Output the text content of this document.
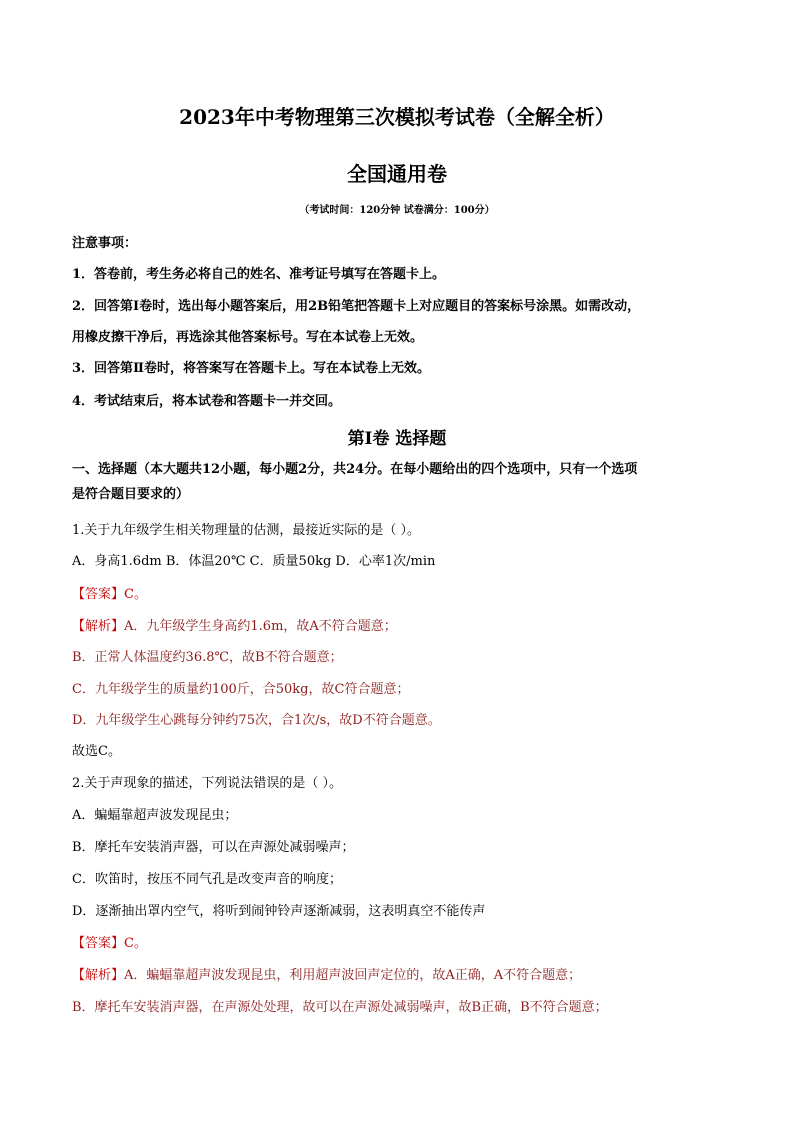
2023年中考物理第三次模拟考试卷（全解全析）
全国通用卷
（考试时间：120分钟 试卷满分：100分）
注意事项：
1．答卷前，考生务必将自己的姓名、准考证号填写在答题卡上。
2．回答第Ⅰ卷时，选出每小题答案后，用2B铅笔把答题卡上对应题目的答案标号涂黑。如需改动，
用橡皮擦干净后，再选涂其他答案标号。写在本试卷上无效。
3．回答第Ⅱ卷时，将答案写在答题卡上。写在本试卷上无效。
4．考试结束后，将本试卷和答题卡一并交回。
第Ⅰ卷 选择题
一、选择题（本大题共12小题，每小题2分，共24分。在每小题给出的四个选项中，只有一个选项
是符合题目要求的）
1.关于九年级学生相关物理量的估测，最接近实际的是（ ）。
A．身高1.6dm B．体温20℃ C．质量50kg D．心率1次/min
【答案】C。
【解析】A．九年级学生身高约1.6m，故A不符合题意；
B．正常人体温度约36.8℃，故B不符合题意；
C．九年级学生的质量约100斤，合50kg，故C符合题意；
D．九年级学生心跳每分钟约75次，合1次/s，故D不符合题意。
故选C。
2.关于声现象的描述，下列说法错误的是（ ）。
A．蝙蝠靠超声波发现昆虫；
B．摩托车安装消声器，可以在声源处减弱噪声；
C．吹笛时，按压不同气孔是改变声音的响度；
D．逐渐抽出罩内空气，将听到闹钟铃声逐渐减弱，这表明真空不能传声
【答案】C。
【解析】A．蝙蝠靠超声波发现昆虫，利用超声波回声定位的，故A正确，A不符合题意；
B．摩托车安装消声器，在声源处处理，故可以在声源处减弱噪声，故B正确，B不符合题意；
